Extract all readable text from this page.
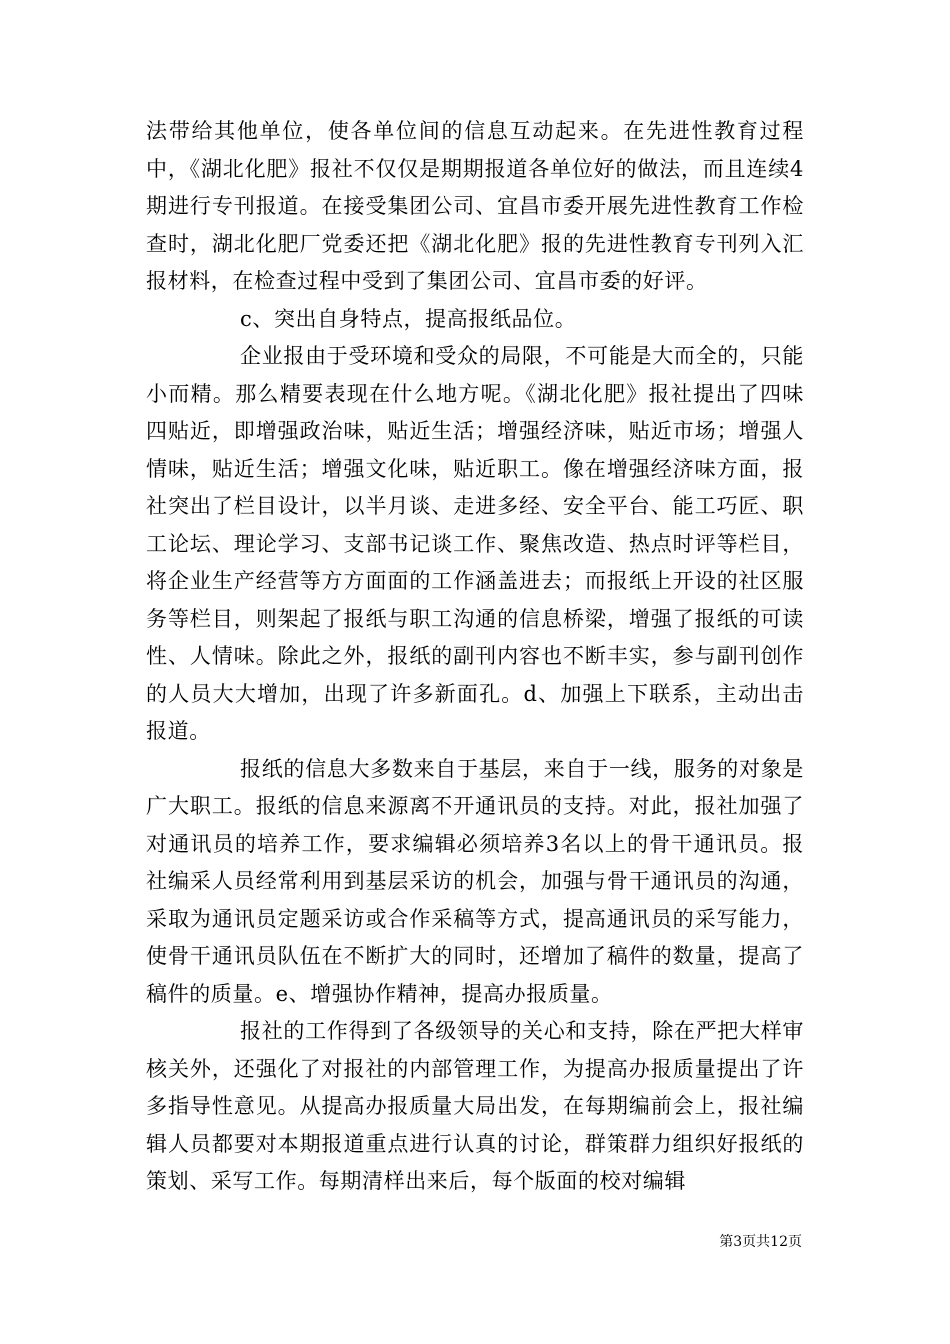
法带给其他单位，使各单位间的信息互动起来。在先进性教育过程中，《湖北化肥》报社不仅仅是期期报道各单位好的做法，而且连续4期进行专刊报道。在接受集团公司、宜昌市委开展先进性教育工作检查时，湖北化肥厂党委还把《湖北化肥》报的先进性教育专刊列入汇报材料，在检查过程中受到了集团公司、宜昌市委的好评。

c、突出自身特点，提高报纸品位。

企业报由于受环境和受众的局限，不可能是大而全的，只能小而精。那么精要表现在什么地方呢。《湖北化肥》报社提出了四味四贴近，即增强政治味，贴近生活；增强经济味，贴近市场；增强人情味，贴近生活；增强文化味，贴近职工。像在增强经济味方面，报社突出了栏目设计，以半月谈、走进多经、安全平台、能工巧匠、职工论坛、理论学习、支部书记谈工作、聚焦改造、热点时评等栏目，将企业生产经营等方方面面的工作涵盖进去；而报纸上开设的社区服务等栏目，则架起了报纸与职工沟通的信息桥梁，增强了报纸的可读性、人情味。除此之外，报纸的副刊内容也不断丰实，参与副刊创作的人员大大增加，出现了许多新面孔。d、加强上下联系，主动出击报道。

报纸的信息大多数来自于基层，来自于一线，服务的对象是广大职工。报纸的信息来源离不开通讯员的支持。对此，报社加强了对通讯员的培养工作，要求编辑必须培养3名以上的骨干通讯员。报社编采人员经常利用到基层采访的机会，加强与骨干通讯员的沟通，采取为通讯员定题采访或合作采稿等方式，提高通讯员的采写能力，使骨干通讯员队伍在不断扩大的同时，还增加了稿件的数量，提高了稿件的质量。e、增强协作精神，提高办报质量。

报社的工作得到了各级领导的关心和支持，除在严把大样审核关外，还强化了对报社的内部管理工作，为提高办报质量提出了许多指导性意见。从提高办报质量大局出发，在每期编前会上，报社编辑人员都要对本期报道重点进行认真的讨论，群策群力组织好报纸的策划、采写工作。每期清样出来后，每个版面的校对编辑

第3页共12页
